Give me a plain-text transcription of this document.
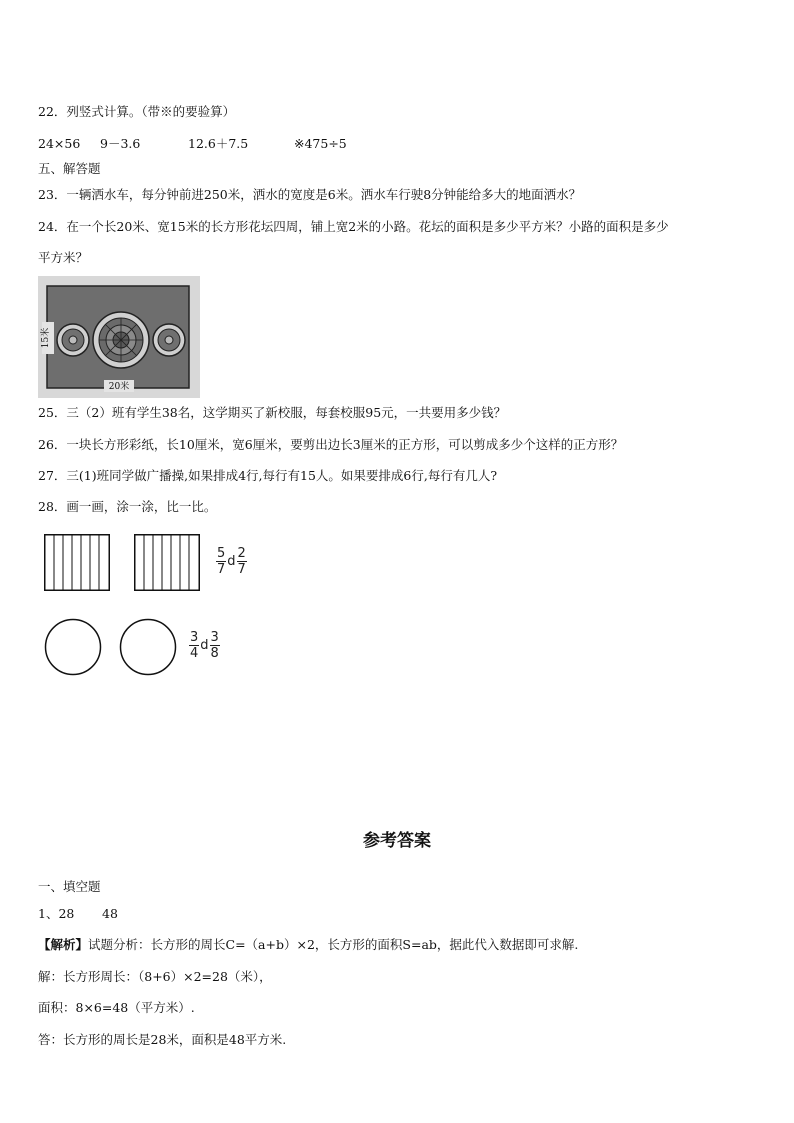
22．列竖式计算。（带※的要验算）
24×56 9－3.6	12.6＋7.5	※475÷5
五、解答题
23．一辆洒水车，每分钟前进250米，洒水的宽度是6米。洒水车行驶8分钟能给多大的地面洒水？
24．在一个长20米、宽15米的长方形花坛四周，铺上宽2米的小路。花坛的面积是多少平方米？小路的面积是多少
平方米？
15米
20米
25．三（2）班有学生38名，这学期买了新校服，每套校服95元，一共要用多少钱？
26．一块长方形彩纸，长10厘米，宽6厘米，要剪出边长3厘米的正方形，可以剪成多少个这样的正方形？
27．三(1)班同学做广播操,如果排成4行,每行有15人。如果要排成6行,每行有几人?
28．画一画，涂一涂，比一比。
$\frac{5}{7}$ d $\frac{2}{7}$
$\frac{3}{4}$ d $\frac{3}{8}$
参考答案
一、填空题
1、28 48
【解析】试题分析：长方形的周长C=（a+b）×2，长方形的面积S=ab，据此代入数据即可求解.
解：长方形周长：（8+6）×2=28（米），
面积：8×6=48（平方米）.
答：长方形的周长是28米，面积是48平方米.
